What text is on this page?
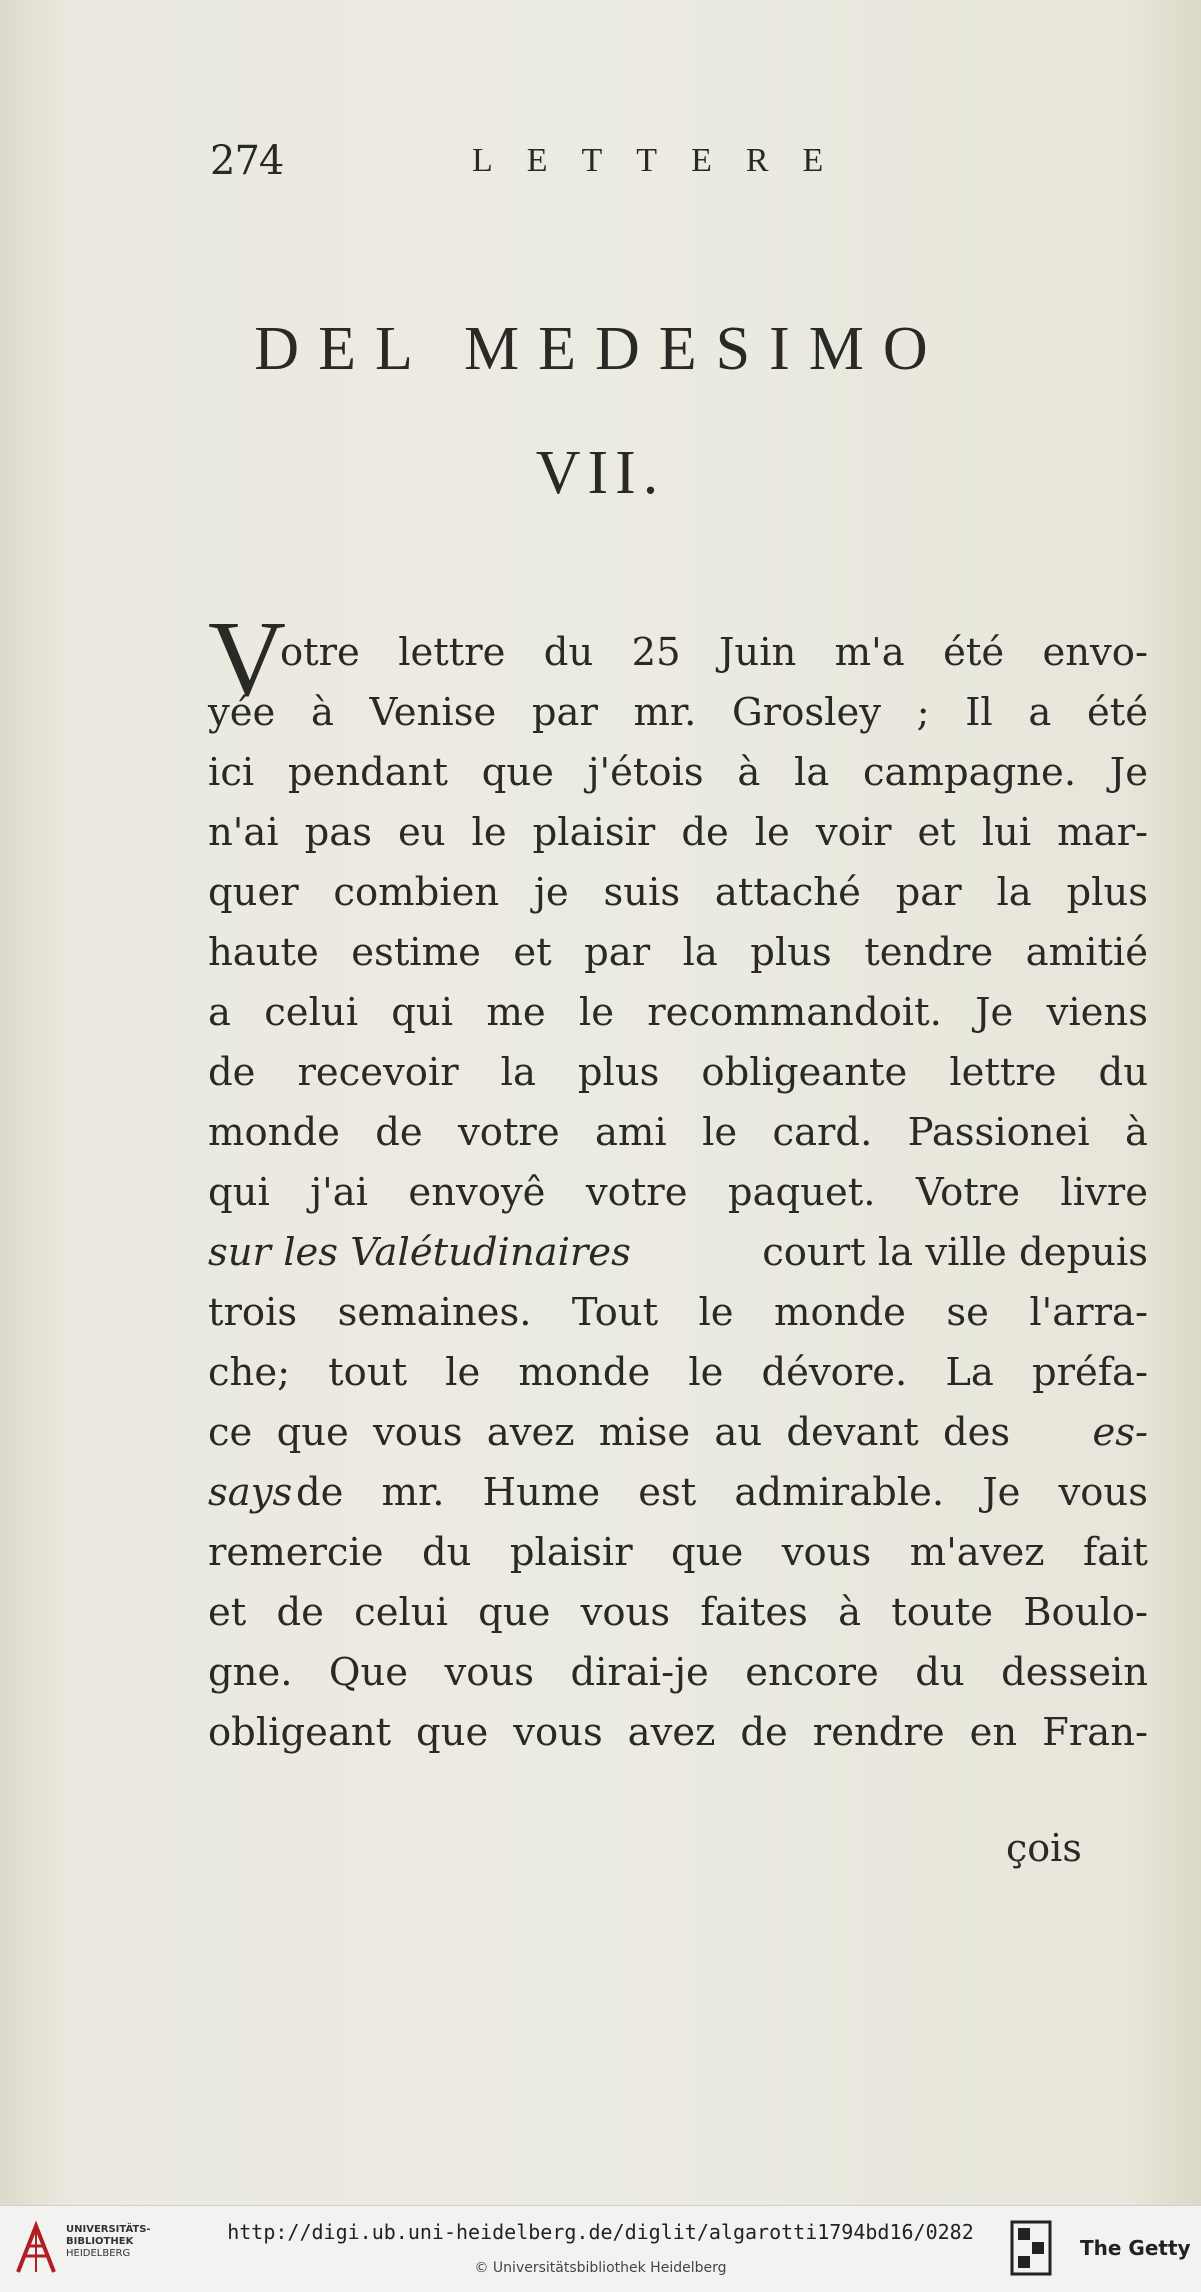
274	LETTERE
DEL MEDESIMO
VII.
V
otre lettre du 25 Juin m'a été envo-
yée à Venise par mr. Grosley ; Il a été
ici pendant que j'étois à la campagne. Je
n'ai pas eu le plaisir de le voir et lui mar-
quer combien je suis attaché par la plus
haute estime et par la plus tendre amitié
a celui qui me le recommandoit. Je viens
de recevoir la plus obligeante lettre du
monde de votre ami le card. Passionei à
qui j'ai envoyê votre paquet. Votre livre
sur les Valétudinaires	court la ville depuis
trois semaines. Tout le monde se l'arra-
che; tout le monde le dévore. La préfa-
ce que vous avez mise au devant des es-
says de mr. Hume est admirable. Je vous
remercie du plaisir que vous m'avez fait
et de celui que vous faites à toute Boulo-
gne. Que vous dirai-je encore du dessein
obligeant que vous avez de rendre en Fran-
çois
UNIVERSITÄTS-
BIBLIOTHEK
HEIDELBERG
http://digi.ub.uni-heidelberg.de/diglit/algarotti1794bd16/0282
© Universitätsbibliothek Heidelberg
The Getty
